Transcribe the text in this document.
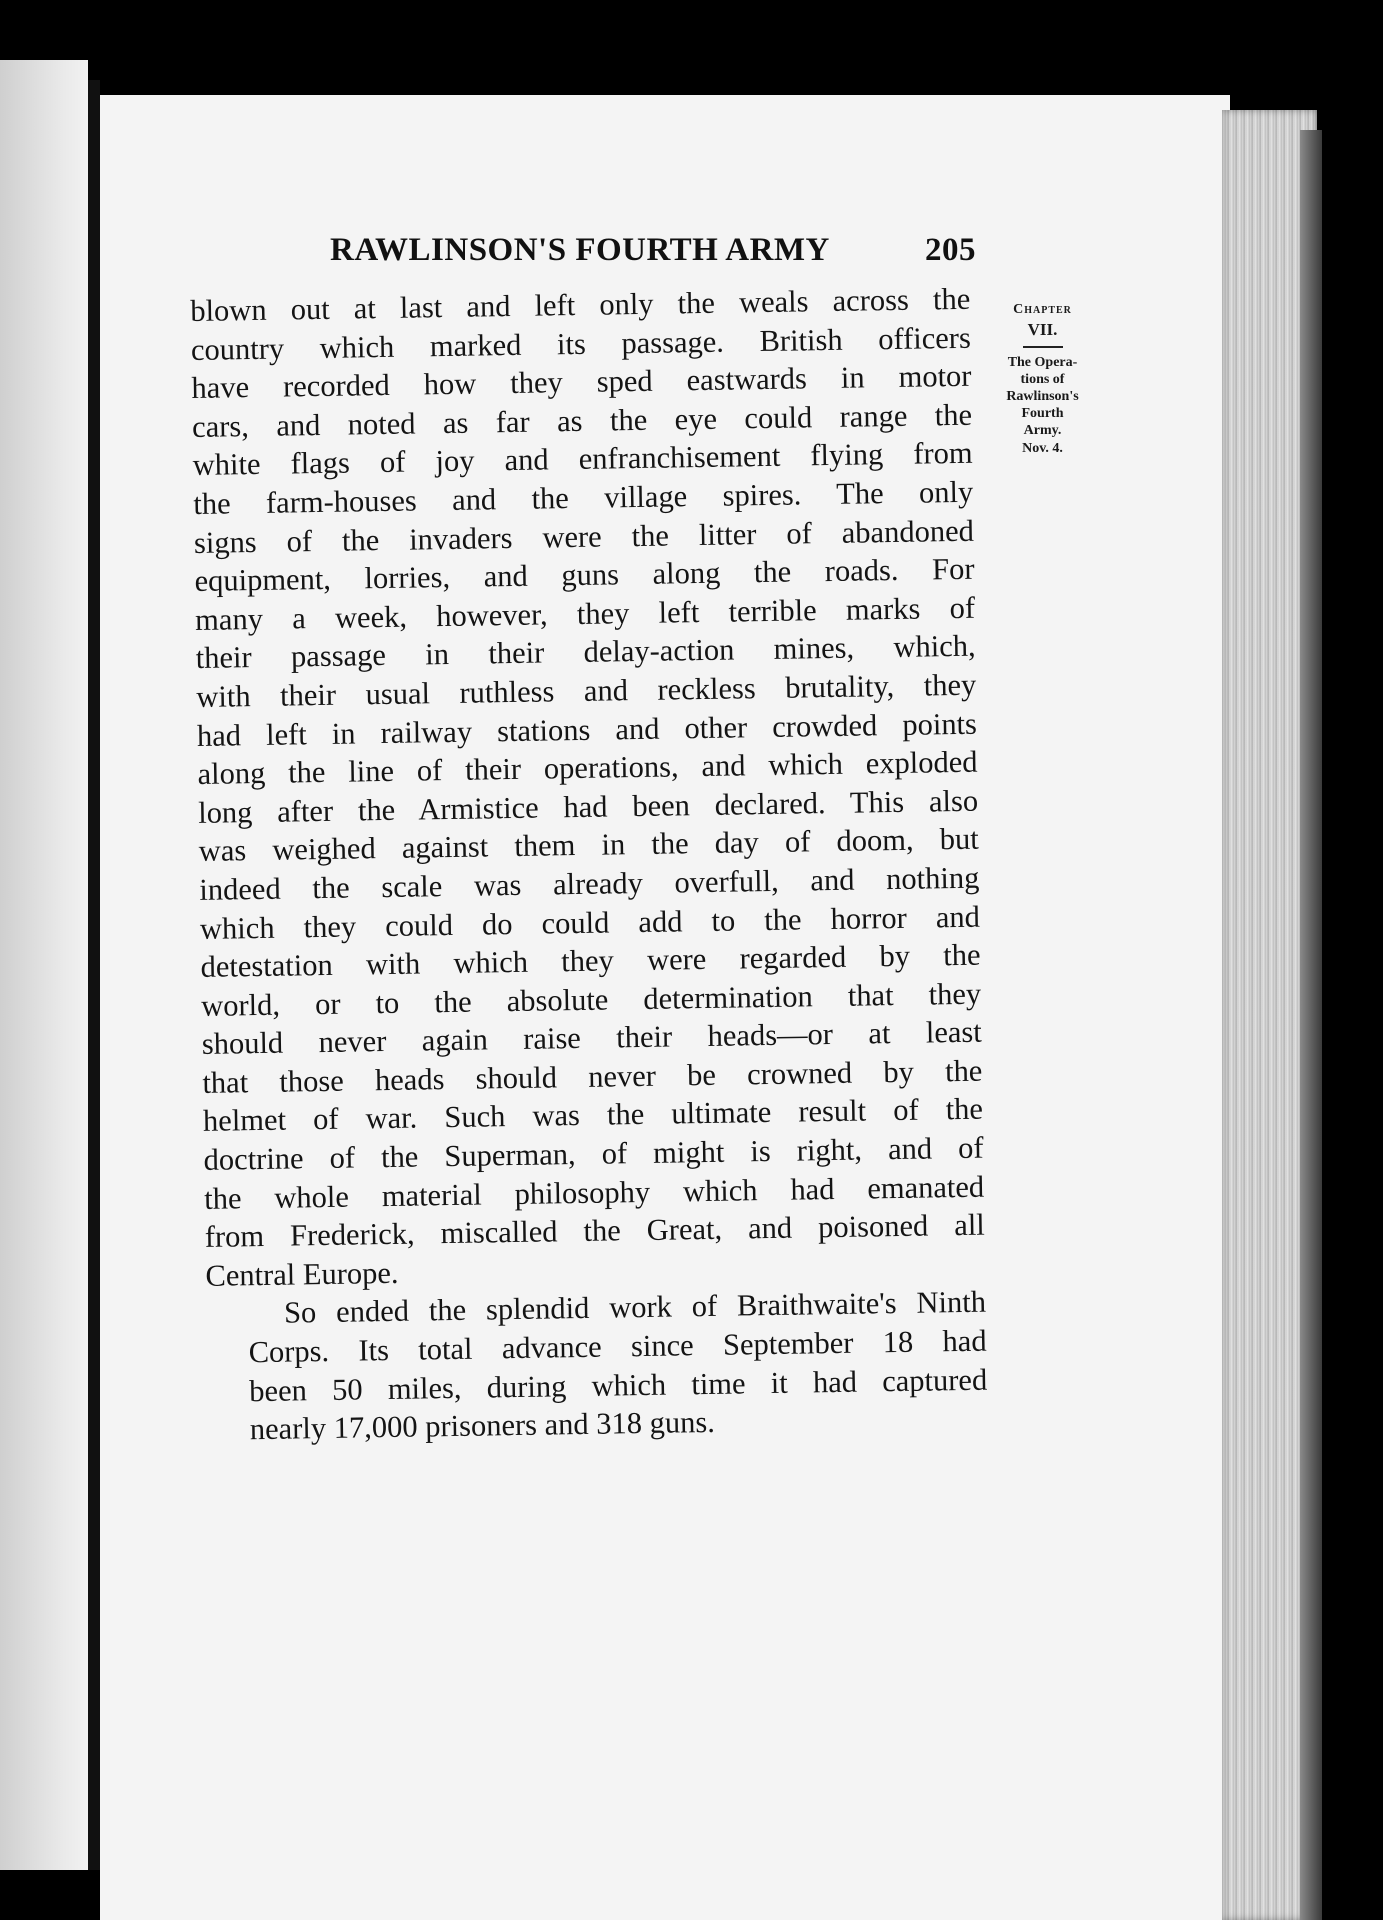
RAWLINSON'S FOURTH ARMY	205

blown out at last and left only the weals across the
country which marked its passage. British officers
have recorded how they sped eastwards in motor
cars, and noted as far as the eye could range the
white flags of joy and enfranchisement flying from
the farm-houses and the village spires. The only
signs of the invaders were the litter of abandoned
equipment, lorries, and guns along the roads. For
many a week, however, they left terrible marks of
their passage in their delay-action mines, which,
with their usual ruthless and reckless brutality, they
had left in railway stations and other crowded points
along the line of their operations, and which exploded
long after the Armistice had been declared. This also
was weighed against them in the day of doom, but
indeed the scale was already overfull, and nothing
which they could do could add to the horror and
detestation with which they were regarded by the
world, or to the absolute determination that they
should never again raise their heads—or at least
that those heads should never be crowned by the
helmet of war. Such was the ultimate result of the
doctrine of the Superman, of might is right, and of
the whole material philosophy which had emanated
from Frederick, miscalled the Great, and poisoned all
Central Europe.

So ended the splendid work of Braithwaite's Ninth
Corps. Its total advance since September 18 had
been 50 miles, during which time it had captured
nearly 17,000 prisoners and 318 guns.

Chapter
VII.
The Opera-
tions of
Rawlinson's
Fourth
Army.
Nov. 4.
